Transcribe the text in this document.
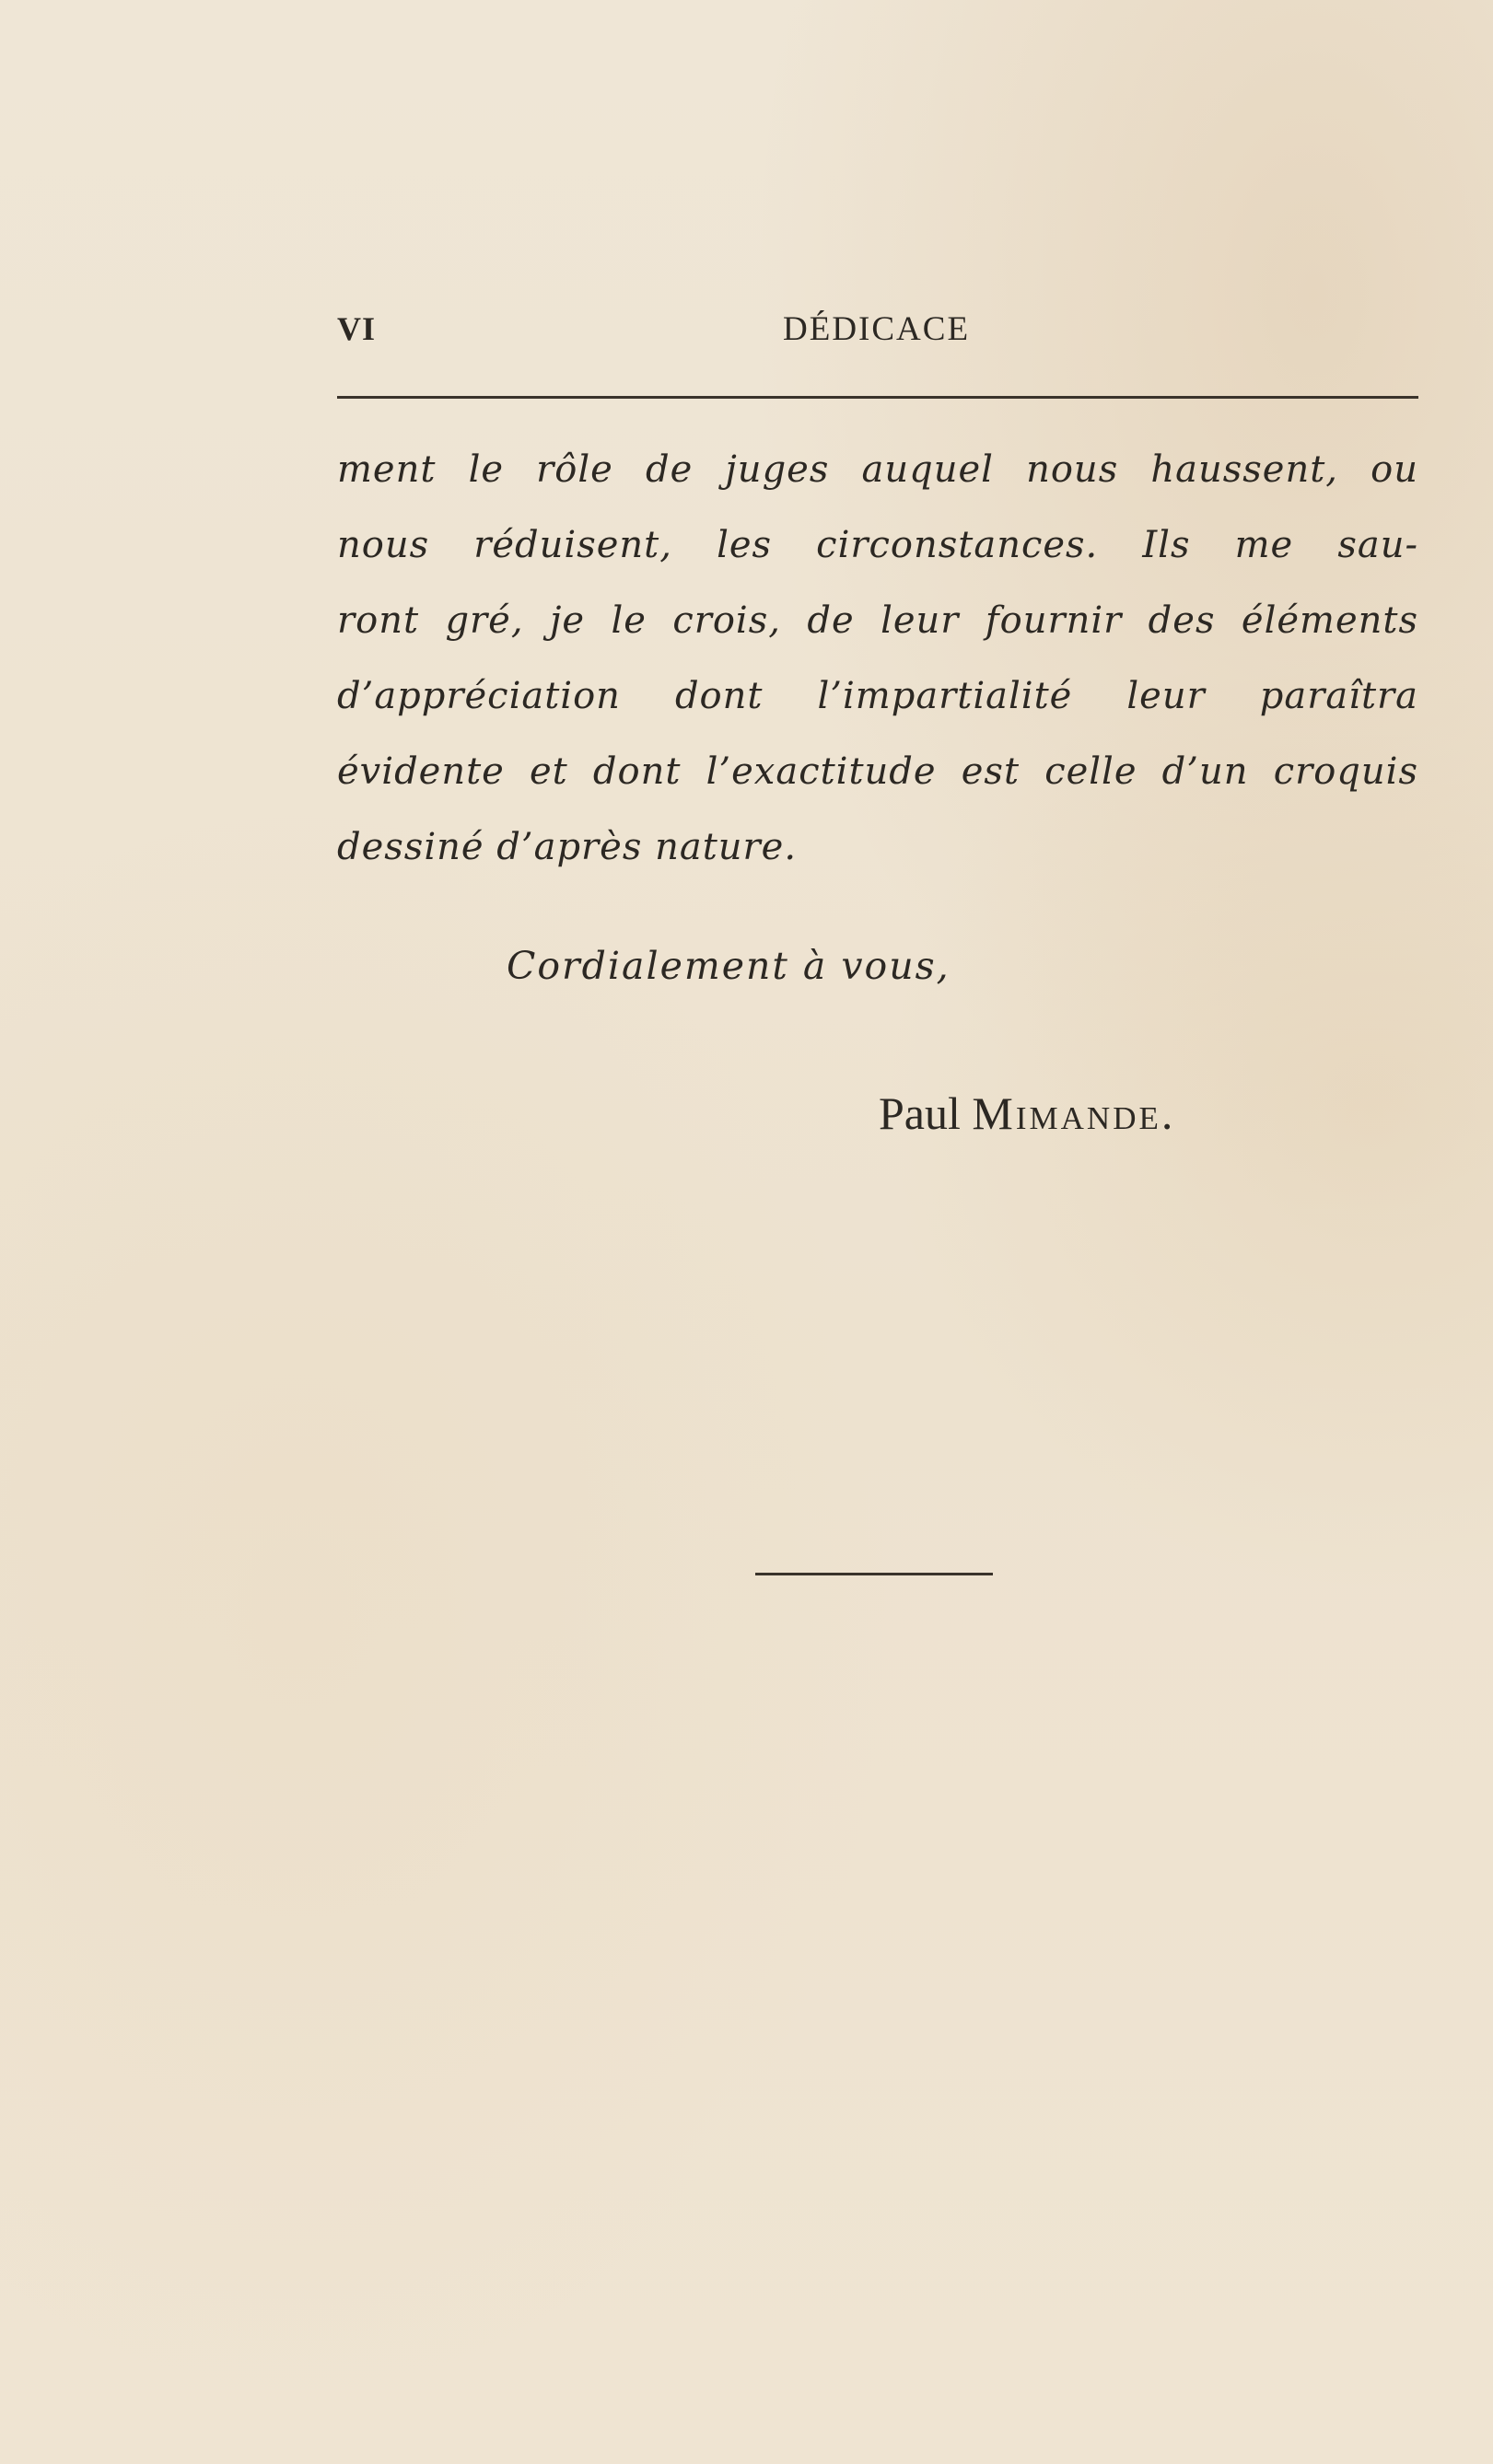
VI	DÉDICACE
ment le rôle de juges auquel nous haussent, ou
nous réduisent, les circonstances. Ils me sau-
ront gré, je le crois, de leur fournir des éléments
d’appréciation dont l’impartialité leur paraîtra
évidente et dont l’exactitude est celle d’un croquis
dessiné d’après nature.
Cordialement à vous,
Paul Mimande.
